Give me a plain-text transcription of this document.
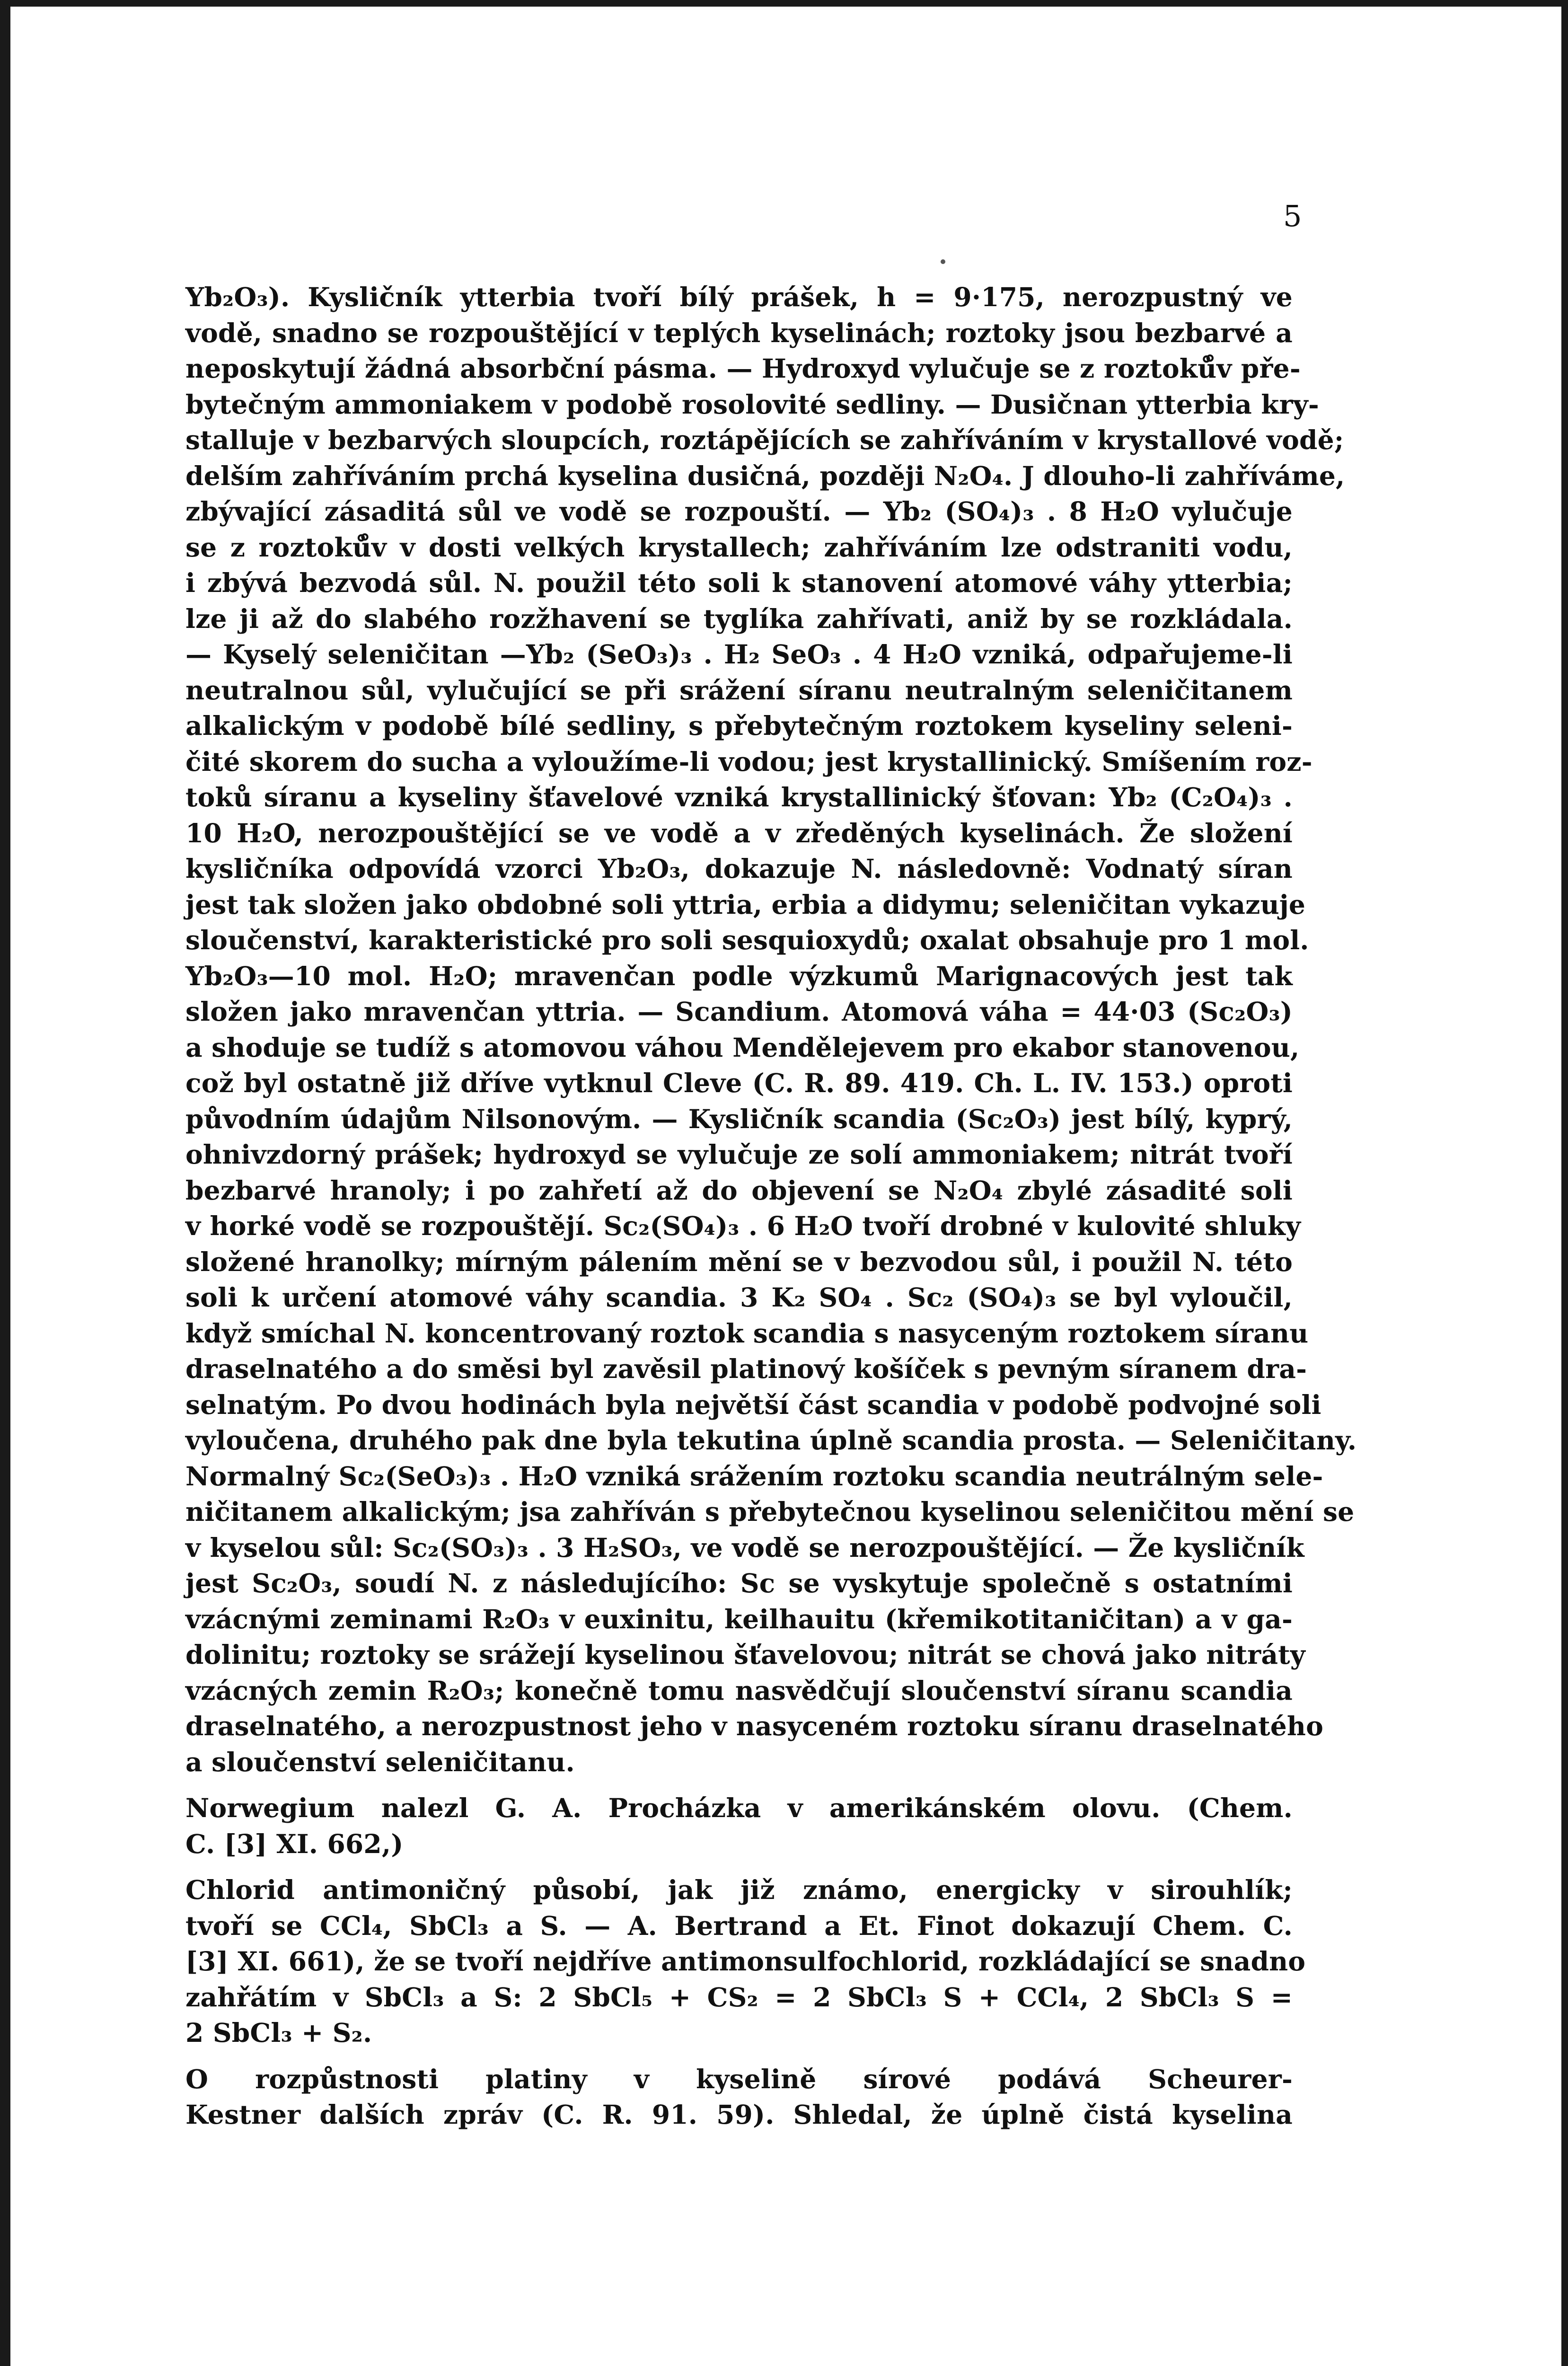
5
Yb₂O₃). Kysličník ytterbia tvoří bílý prášek, h = 9·175, nerozpustný ve
vodě, snadno se rozpouštějící v teplých kyselinách; roztoky jsou bezbarvé a
neposkytují žádná absorbční pásma. — Hydroxyd vylučuje se z roztoků̊v pře-
bytečným ammoniakem v podobě rosolovité sedliny. — Dusičnan ytterbia kry-
stalluje v bezbarvých sloupcích, roztápějících se zahříváním v krystallové vodě;
delším zahříváním prchá kyselina dusičná, později N₂O₄. J dlouho-li zahříváme,
zbývající zásaditá sůl ve vodě se rozpouští. — Yb₂ (SO₄)₃ . 8 H₂O vylučuje
se z roztoků̊v v dosti velkých krystallech; zahříváním lze odstraniti vodu,
i zbývá bezvodá sůl. N. použil této soli k stanovení atomové váhy ytterbia;
lze ji až do slabého rozžhavení se tyglíka zahřívati, aniž by se rozkládala.
— Kyselý seleničitan —Yb₂ (SeO₃)₃ . H₂ SeO₃ . 4 H₂O vzniká, odpařujeme-li
neutralnou sůl, vylučující se při srážení síranu neutralným seleničitanem
alkalickým v podobě bílé sedliny, s přebytečným roztokem kyseliny seleni-
čité skorem do sucha a vyloužíme-li vodou; jest krystallinický. Smíšením roz-
toků síranu a kyseliny šťavelové vzniká krystallinický šťovan: Yb₂ (C₂O₄)₃ .
10 H₂O, nerozpouštějící se ve vodě a v zředěných kyselinách. Že složení
kysličníka odpovídá vzorci Yb₂O₃, dokazuje N. následovně: Vodnatý síran
jest tak složen jako obdobné soli yttria, erbia a didymu; seleničitan vykazuje
sloučenství, karakteristické pro soli sesquioxydů; oxalat obsahuje pro 1 mol.
Yb₂O₃—10 mol. H₂O; mravenčan podle výzkumů Marignacových jest tak
složen jako mravenčan yttria. — Scandium. Atomová váha = 44·03 (Sc₂O₃)
a shoduje se tudíž s atomovou váhou Mendělejevem pro ekabor stanovenou,
což byl ostatně již dříve vytknul Cleve (C. R. 89. 419. Ch. L. IV. 153.) oproti
původním údajům Nilsonovým. — Kysličník scandia (Sc₂O₃) jest bílý, kyprý,
ohnivzdorný prášek; hydroxyd se vylučuje ze solí ammoniakem; nitrát tvoří
bezbarvé hranoly; i po zahřetí až do objevení se N₂O₄ zbylé zásadité soli
v horké vodě se rozpouštějí. Sc₂(SO₄)₃ . 6 H₂O tvoří drobné v kulovité shluky
složené hranolky; mírným pálením mění se v bezvodou sůl, i použil N. této
soli k určení atomové váhy scandia. 3 K₂ SO₄ . Sc₂ (SO₄)₃ se byl vyloučil,
když smíchal N. koncentrovaný roztok scandia s nasyceným roztokem síranu
draselnatého a do směsi byl zavěsil platinový košíček s pevným síranem dra-
selnatým. Po dvou hodinách byla největší část scandia v podobě podvojné soli
vyloučena, druhého pak dne byla tekutina úplně scandia prosta. — Seleničitany.
Normalný Sc₂(SeO₃)₃ . H₂O vzniká srážením roztoku scandia neutrálným sele-
ničitanem alkalickým; jsa zahříván s přebytečnou kyselinou seleničitou mění se
v kyselou sůl: Sc₂(SO₃)₃ . 3 H₂SO₃, ve vodě se nerozpouštějící. — Že kysličník
jest Sc₂O₃, soudí N. z následujícího: Sc se vyskytuje společně s ostatními
vzácnými zeminami R₂O₃ v euxinitu, keilhauitu (křemikotitaničitan) a v ga-
dolinitu; roztoky se srážejí kyselinou šťavelovou; nitrát se chová jako nitráty
vzácných zemin R₂O₃; konečně tomu nasvědčují sloučenství síranu scandia
draselnatého, a nerozpustnost jeho v nasyceném roztoku síranu draselnatého
a sloučenství seleničitanu.
Norwegium nalezl G. A. Procházka v amerikánském olovu. (Chem.
C. [3] XI. 662,)
Chlorid antimoničný působí, jak již známo, energicky v sirouhlík;
tvoří se CCl₄, SbCl₃ a S. — A. Bertrand a Et. Finot dokazují Chem. C.
[3] XI. 661), že se tvoří nejdříve antimonsulfochlorid, rozkládající se snadno
zahřátím v SbCl₃ a S: 2 SbCl₅ + CS₂ = 2 SbCl₃ S + CCl₄, 2 SbCl₃ S =
2 SbCl₃ + S₂.
O rozpůstnosti platiny v kyselině sírové podává Scheurer-
Kestner dalších zpráv (C. R. 91. 59). Shledal, že úplně čistá kyselina
